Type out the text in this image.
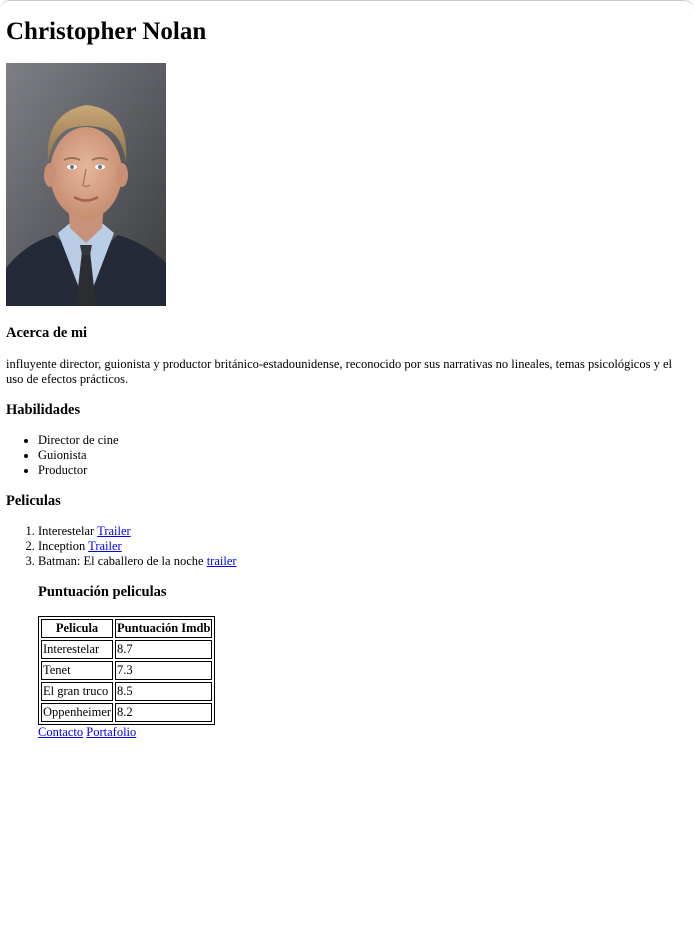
Christopher Nolan
Acerca de mi

influyente director, guionista y productor británico-estadounidense, reconocido por sus narrativas no lineales, temas psicológicos y el uso de efectos prácticos.

Habilidades
• Director de cine
• Guionista
• Productor
Peliculas
1. Interestelar Trailer
2. Inception Trailer
3. Batman: El caballero de la noche trailer
Puntuación peliculas
Pelicula	Puntuación Imdb
Interestelar	8.7
Tenet	7.3
El gran truco	8.5
Oppenheimer	8.2
Contacto Portafolio
